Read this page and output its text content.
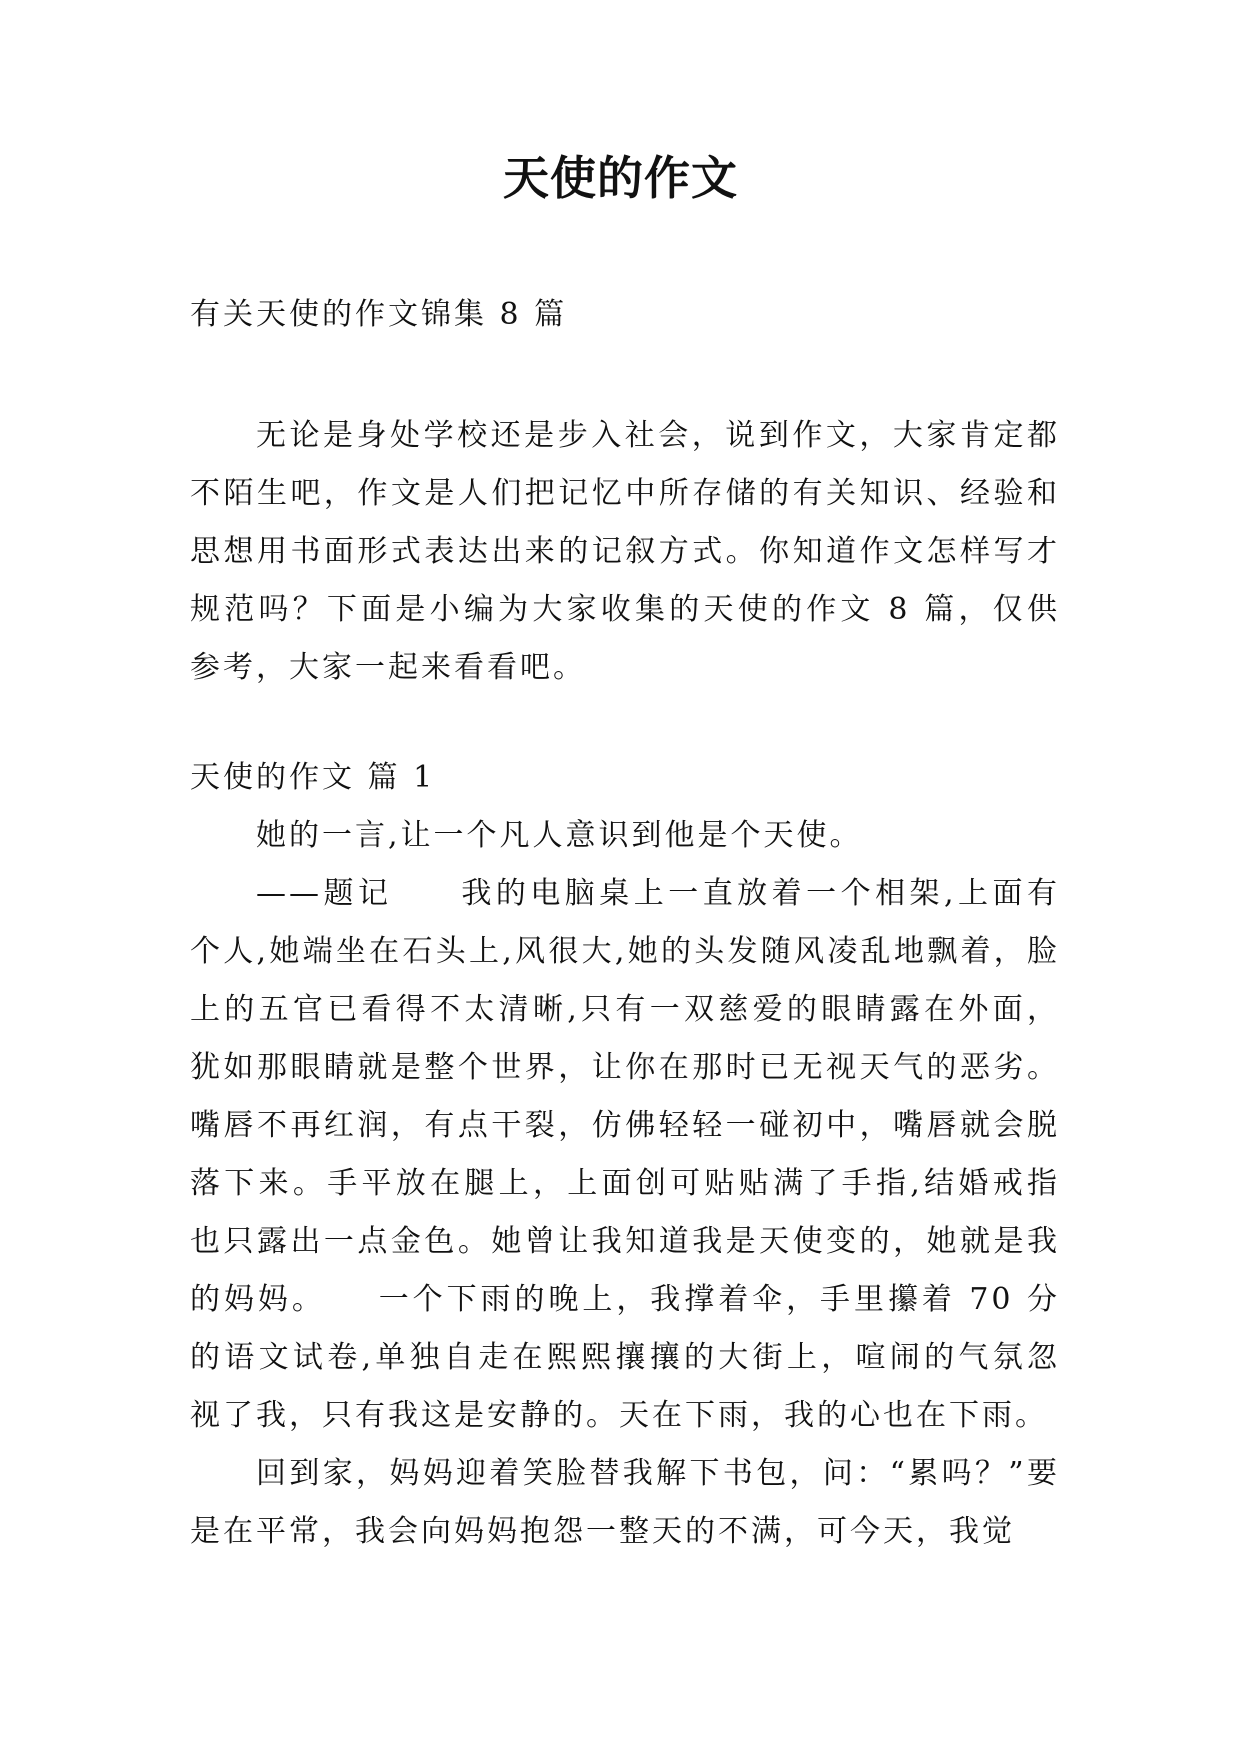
天使的作文
有关天使的作文锦集 8 篇

无论是身处学校还是步入社会，说到作文，大家肯定都不陌生吧，作文是人们把记忆中所存储的有关知识、经验和思想用书面形式表达出来的记叙方式。你知道作文怎样写才规范吗？下面是小编为大家收集的天使的作文 8 篇，仅供参考，大家一起来看看吧。

天使的作文 篇 1

她的一言,让一个凡人意识到他是个天使。

——题记　　我的电脑桌上一直放着一个相架,上面有个人,她端坐在石头上,风很大,她的头发随风凌乱地飘着，脸上的五官已看得不太清晰,只有一双慈爱的眼睛露在外面，犹如那眼睛就是整个世界，让你在那时已无视天气的恶劣。嘴唇不再红润，有点干裂，仿佛轻轻一碰初中，嘴唇就会脱落下来。手平放在腿上，上面创可贴贴满了手指,结婚戒指也只露出一点金色。她曾让我知道我是天使变的，她就是我的妈妈。　　一个下雨的晚上，我撑着伞，手里攥着 70 分的语文试卷,单独自走在熙熙攘攘的大街上，喧闹的气氛忽视了我，只有我这是安静的。天在下雨，我的心也在下雨。

回到家，妈妈迎着笑脸替我解下书包，问：“累吗？”要是在平常，我会向妈妈抱怨一整天的不满，可今天，我觉
